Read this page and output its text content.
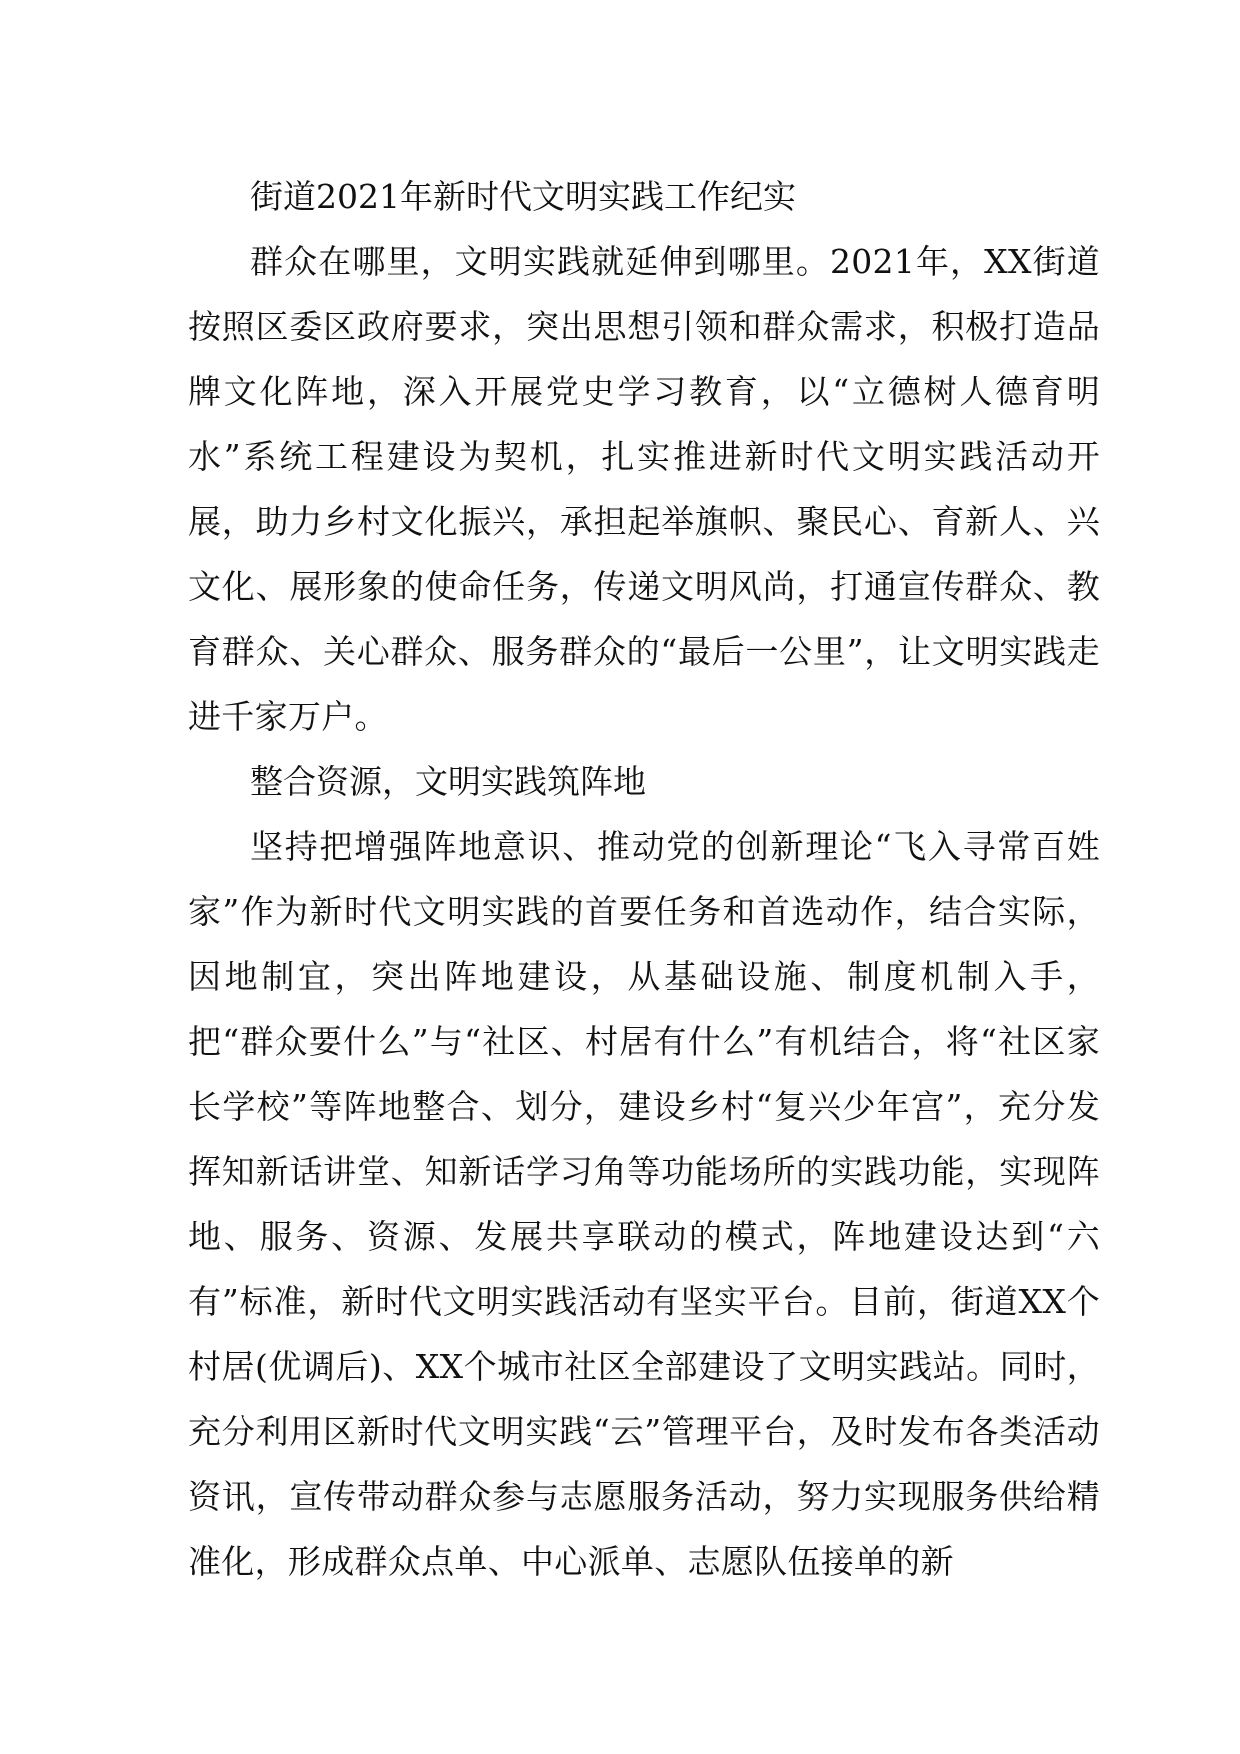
街道2021年新时代文明实践工作纪实

群众在哪里，文明实践就延伸到哪里。2021年，XX街道按照区委区政府要求，突出思想引领和群众需求，积极打造品牌文化阵地，深入开展党史学习教育，以“立德树人德育明水”系统工程建设为契机，扎实推进新时代文明实践活动开展，助力乡村文化振兴，承担起举旗帜、聚民心、育新人、兴文化、展形象的使命任务，传递文明风尚，打通宣传群众、教育群众、关心群众、服务群众的“最后一公里”，让文明实践走进千家万户。

整合资源，文明实践筑阵地

坚持把增强阵地意识、推动党的创新理论“飞入寻常百姓家”作为新时代文明实践的首要任务和首选动作，结合实际，因地制宜，突出阵地建设，从基础设施、制度机制入手，把“群众要什么”与“社区、村居有什么”有机结合，将“社区家长学校”等阵地整合、划分，建设乡村“复兴少年宫”，充分发挥知新话讲堂、知新话学习角等功能场所的实践功能，实现阵地、服务、资源、发展共享联动的模式，阵地建设达到“六有”标准，新时代文明实践活动有坚实平台。目前，街道XX个村居(优调后)、XX个城市社区全部建设了文明实践站。同时，充分利用区新时代文明实践“云”管理平台，及时发布各类活动资讯，宣传带动群众参与志愿服务活动，努力实现服务供给精准化，形成群众点单、中心派单、志愿队伍接单的新
